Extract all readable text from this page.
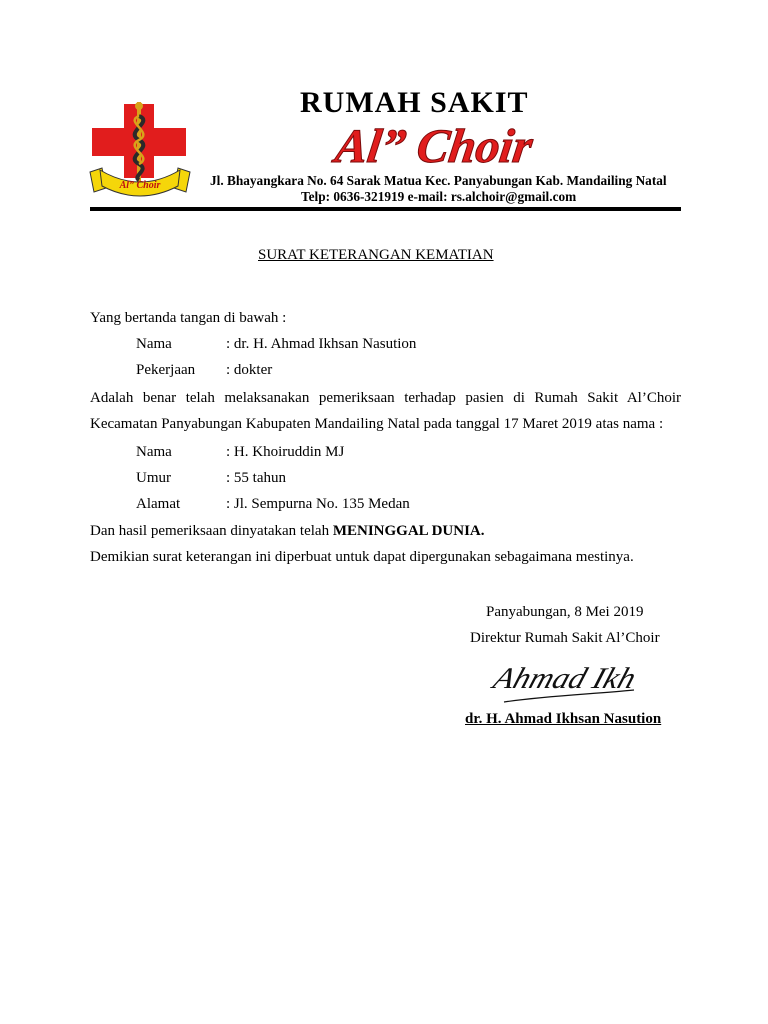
Al” Choir
RUMAH SAKIT
Al” Choir
Jl. Bhayangkara No. 64 Sarak Matua Kec. Panyabungan Kab. Mandailing Natal
Telp: 0636-321919 e-mail: rs.alchoir@gmail.com
SURAT KETERANGAN KEMATIAN
Yang bertanda tangan di bawah :
Nama	: dr. H. Ahmad Ikhsan Nasution
Pekerjaan : dokter
Adalah benar telah melaksanakan pemeriksaan terhadap pasien di Rumah Sakit Al’Choir
Kecamatan Panyabungan Kabupaten Mandailing Natal pada tanggal 17 Maret 2019 atas nama :
Nama	: H. Khoiruddin MJ
Umur	: 55 tahun
Alamat	: Jl. Sempurna No. 135 Medan
Dan hasil pemeriksaan dinyatakan telah MENINGGAL DUNIA.
Demikian surat keterangan ini diperbuat untuk dapat dipergunakan sebagaimana mestinya.
Panyabungan, 8 Mei 2019
Direktur Rumah Sakit Al’Choir
Ahmad Ikh
dr. H. Ahmad Ikhsan Nasution
